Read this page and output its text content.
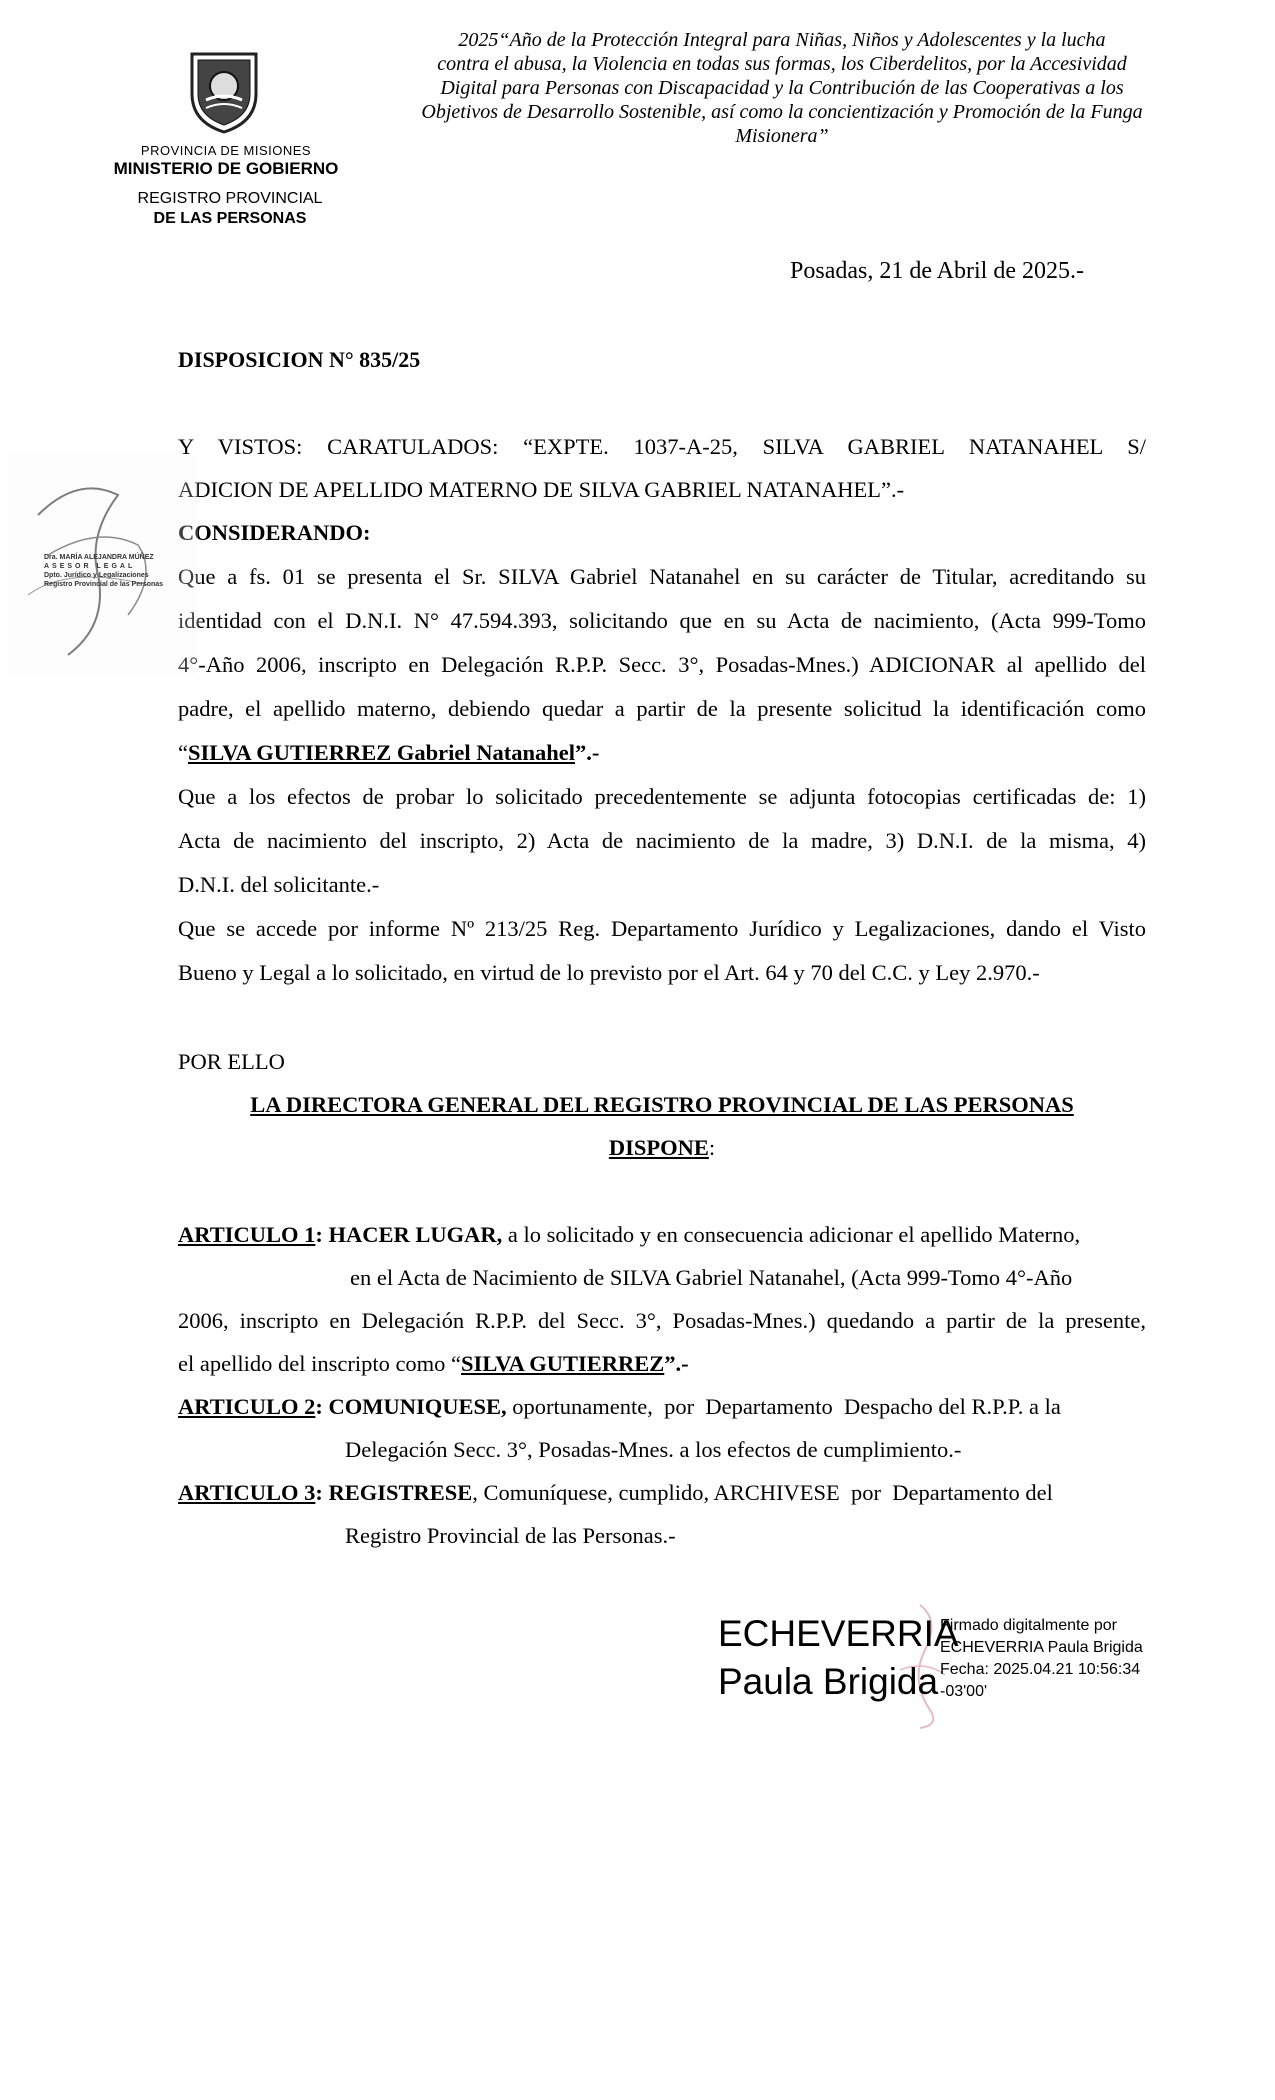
PROVINCIA DE MISIONES
MINISTERIO DE GOBIERNO
REGISTRO PROVINCIAL
DE LAS PERSONAS
2025“Año de la Protección Integral para Niñas, Niños y Adolescentes y la lucha
contra el abusa, la Violencia en todas sus formas, los Ciberdelitos, por la Accesividad
Digital para Personas con Discapacidad y la Contribución de las Cooperativas a los
Objetivos de Desarrollo Sostenible, así como la concientización y Promoción de la Funga
Misionera”
Posadas, 21 de Abril de 2025.-
DISPOSICION N° 835/25
Y VISTOS: CARATULADOS: “EXPTE. 1037-A-25, SILVA GABRIEL NATANAHEL S/
ADICION DE APELLIDO MATERNO DE SILVA GABRIEL NATANAHEL”.-
CONSIDERANDO:
Que a fs. 01 se presenta el Sr. SILVA Gabriel Natanahel en su carácter de Titular, acreditando su
identidad con el D.N.I. N° 47.594.393, solicitando que en su Acta de nacimiento, (Acta 999-Tomo
4°-Año 2006, inscripto en Delegación R.P.P. Secc. 3°, Posadas-Mnes.) ADICIONAR al apellido del
padre, el apellido materno, debiendo quedar a partir de la presente solicitud la identificación como
“SILVA GUTIERREZ Gabriel Natanahel”.-
Que a los efectos de probar lo solicitado precedentemente se adjunta fotocopias certificadas de: 1)
Acta de nacimiento del inscripto, 2) Acta de nacimiento de la madre, 3) D.N.I. de la misma, 4)
D.N.I. del solicitante.-
Que se accede por informe Nº 213/25 Reg. Departamento Jurídico y Legalizaciones, dando el Visto
Bueno y Legal a lo solicitado, en virtud de lo previsto por el Art. 64 y 70 del C.C. y Ley 2.970.-
POR ELLO
LA DIRECTORA GENERAL DEL REGISTRO PROVINCIAL DE LAS PERSONAS
DISPONE:
ARTICULO 1: HACER LUGAR, a lo solicitado y en consecuencia adicionar el apellido Materno,
en el Acta de Nacimiento de SILVA Gabriel Natanahel, (Acta 999-Tomo 4°-Año
2006, inscripto en Delegación R.P.P. del Secc. 3°, Posadas-Mnes.) quedando a partir de la presente,
el apellido del inscripto como “SILVA GUTIERREZ”.-
ARTICULO 2: COMUNIQUESE, oportunamente,  por  Departamento  Despacho del R.P.P. a la
Delegación Secc. 3°, Posadas-Mnes. a los efectos de cumplimiento.-
ARTICULO 3: REGISTRESE, Comuníquese, cumplido, ARCHIVESE  por  Departamento del
Registro Provincial de las Personas.-
Dra. MARÍA ALEJANDRA MÚÑEZ
ASESOR LEGAL
Dpto. Jurídico y Legalizaciones
Registro Provincial de las Personas
ECHEVERRIA
Paula Brigida
Firmado digitalmente por
ECHEVERRIA Paula Brigida
Fecha: 2025.04.21 10:56:34
-03'00'
